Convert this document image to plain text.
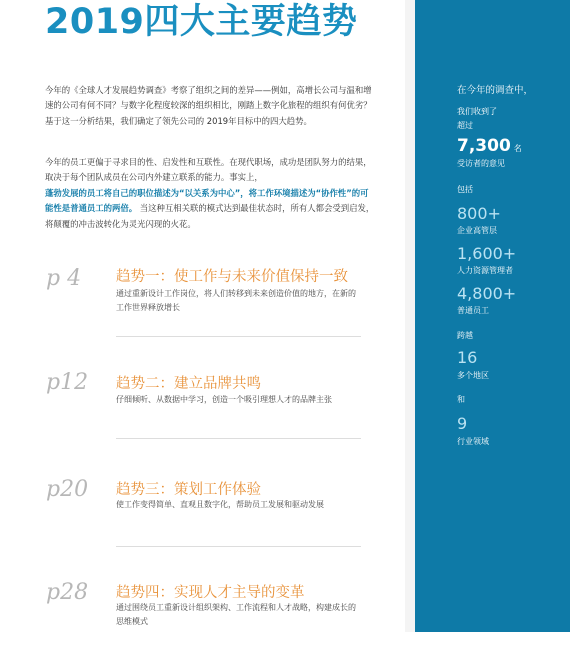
2019四大主要趋势
今年的《全球人才发展趋势调查》考察了组织之间的差异——例如，高增长公司与温和增速的公司有何不同？与数字化程度较深的组织相比，刚踏上数字化旅程的组织有何优劣？基于这一分析结果，我们确定了领先公司的 2019年目标中的四大趋势。
今年的员工更偏于寻求目的性、启发性和互联性。在现代职场，成功是团队努力的结果，取决于每个团队成员在公司内外建立联系的能力。事实上，
蓬勃发展的员工将自己的职位描述为“以关系为中心”，将工作环境描述为“协作性”的可能性是普通员工的两倍。 当这种互相关联的模式达到最佳状态时，所有人都会受到启发，将颠覆的冲击波转化为灵光闪现的火花。
p 4 趋势一：使工作与未来价值保持一致
通过重新设计工作岗位，将人们转移到未来创造价值的地方，在新的工作世界释放增长
p12 趋势二：建立品牌共鸣
仔细倾听、从数据中学习，创造一个吸引理想人才的品牌主张
p20 趋势三：策划工作体验
使工作变得简单、直观且数字化，帮助员工发展和驱动发展
p28 趋势四：实现人才主导的变革
通过围绕员工重新设计组织架构、工作流程和人才战略，构建成长的思维模式
在今年的调查中，
我们收到了
超过
7,300 名
受访者的意见
包括
800+
企业高管层
1,600+
人力资源管理者
4,800+
普通员工
跨越
16
多个地区
和
9
行业领域
